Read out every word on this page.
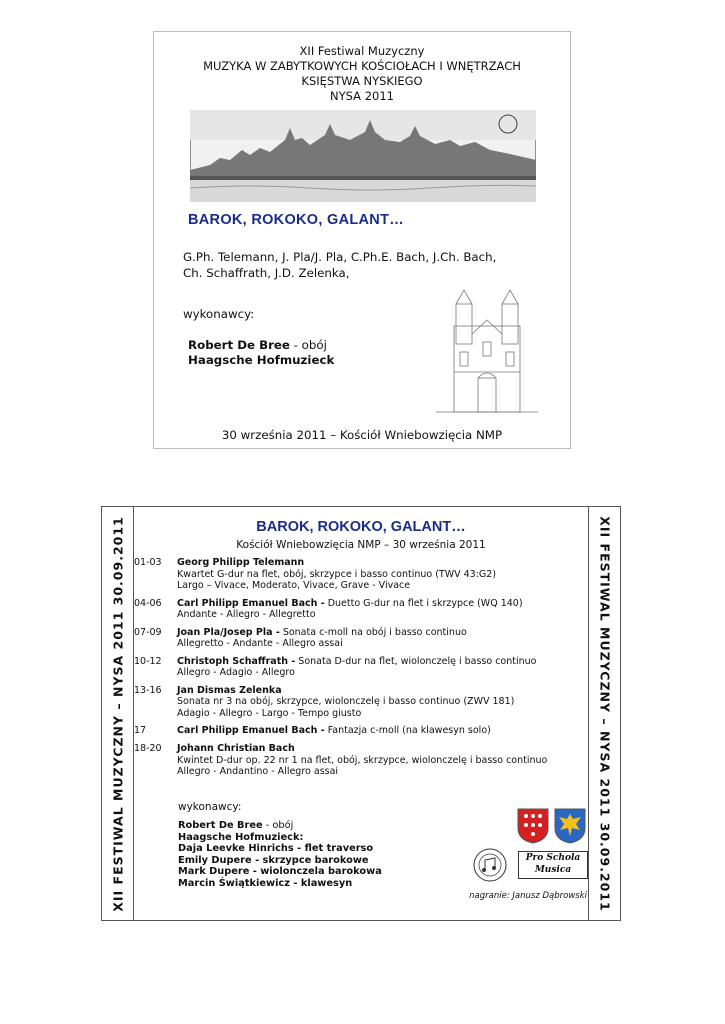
XII Festiwal Muzyczny
MUZYKA W ZABYTKOWYCH KOŚCIOŁACH I WNĘTRZACH
KSIĘSTWA NYSKIEGO
NYSA 2011
BAROK, ROKOKO, GALANT…
G.Ph. Telemann, J. Pla/J. Pla, C.Ph.E. Bach, J.Ch. Bach,
Ch. Schaffrath, J.D. Zelenka,
wykonawcy:
Robert De Bree - obój
Haagsche Hofmuzieck
30 września 2011 – Kościół Wniebowzięcia NMP
XII FESTIWAL MUZYCZNY – NYSA 2011 30.09.2011	XII FESTIWAL MUZYCZNY – NYSA 2011 30.09.2011
BAROK, ROKOKO, GALANT…
Kościół Wniebowzięcia NMP – 30 września 2011
01-03	Georg Philipp Telemann
Kwartet G-dur na flet, obój, skrzypce i basso continuo (TWV 43:G2)
Largo – Vivace, Moderato, Vivace, Grave - Vivace
04-06	Carl Philipp Emanuel Bach - Duetto G-dur na flet i skrzypce (WQ 140)
Andante - Allegro - Allegretto
07-09	Joan Pla/Josep Pla - Sonata c-moll na obój i basso continuo
Allegretto - Andante - Allegro assai
10-12	Christoph Schaffrath - Sonata D-dur na flet, wiolonczelę i basso continuo
Allegro - Adagio - Allegro
13-16	Jan Dismas Zelenka
Sonata nr 3 na obój, skrzypce, wiolonczelę i basso continuo (ZWV 181)
Adagio - Allegro - Largo - Tempo giusto
17	Carl Philipp Emanuel Bach - Fantazja c-moll (na klawesyn solo)
18-20	Johann Christian Bach
Kwintet D-dur op. 22 nr 1 na flet, obój, skrzypce, wiolonczelę i basso continuo
Allegro - Andantino - Allegro assai
wykonawcy:
Robert De Bree - obój
Haagsche Hofmuzieck:
Daja Leevke Hinrichs - flet traverso
Emily Dupere - skrzypce barokowe
Mark Dupere - wiolonczela barokowa
Marcin Świątkiewicz - klawesyn
Pro Schola Musica
nagranie: Janusz Dąbrowski
